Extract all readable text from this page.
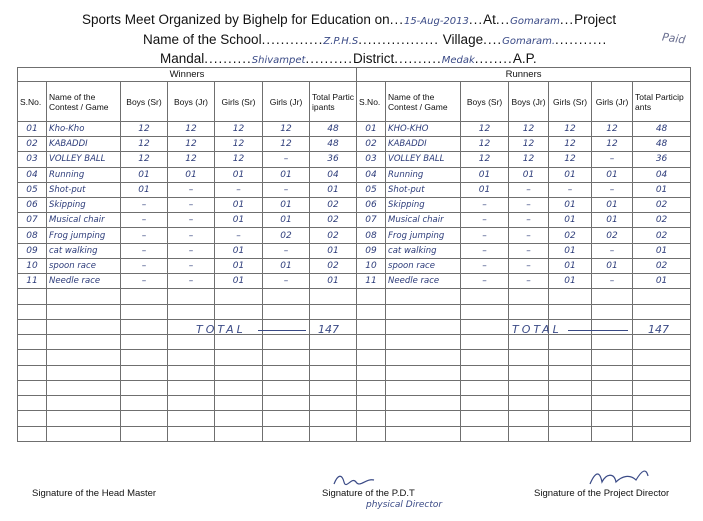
Sports Meet Organized by Bighelp for Education on...15-Aug-2013...At...Gomaram...Project
Name of the School.............Z.P.H.S................. Village....Gomaram............
Mandal..........Shivampet..........District..........Medak........A.P.
Paid
Winners							Runners						
S.No.	Name of the Contest / Game	Boys (Sr)	Boys (Jr)	Girls (Sr)	Girls (Jr)	Total Participants	S.No.	Name of the Contest / Game	Boys (Sr)	Boys (Jr)	Girls (Sr)	Girls (Jr)	Total Participants
01	Kho-Kho	12	12	12	12	48	01	KHO-KHO	12	12	12	12	48
02	KABADDI	12	12	12	12	48	02	KABADDI	12	12	12	12	48
03	VOLLEY BALL	12	12	12	–	36	03	VOLLEY BALL	12	12	12	–	36
04	Running	01	01	01	01	04	04	Running	01	01	01	01	04
05	Shot-put	01	–	–	–	01	05	Shot-put	01	–	–	–	01
06	Skipping	–	–	01	01	02	06	Skipping	–	–	01	01	02
07	Musical chair	–	–	01	01	02	07	Musical chair	–	–	01	01	02
08	Frog jumping	–	–	–	02	02	08	Frog jumping	–	–	02	02	02
09	cat walking	–	–	01	–	01	09	cat walking	–	–	01	–	01
10	spoon race	–	–	01	01	02	10	spoon race	–	–	01	01	02
11	Needle race	–	–	01	–	01	11	Needle race	–	–	01	–	01

TOTAL	147	TOTAL	147
Signature of the Head Master	Signature of the P.D.T
physical Director
Signature of the Project Director
